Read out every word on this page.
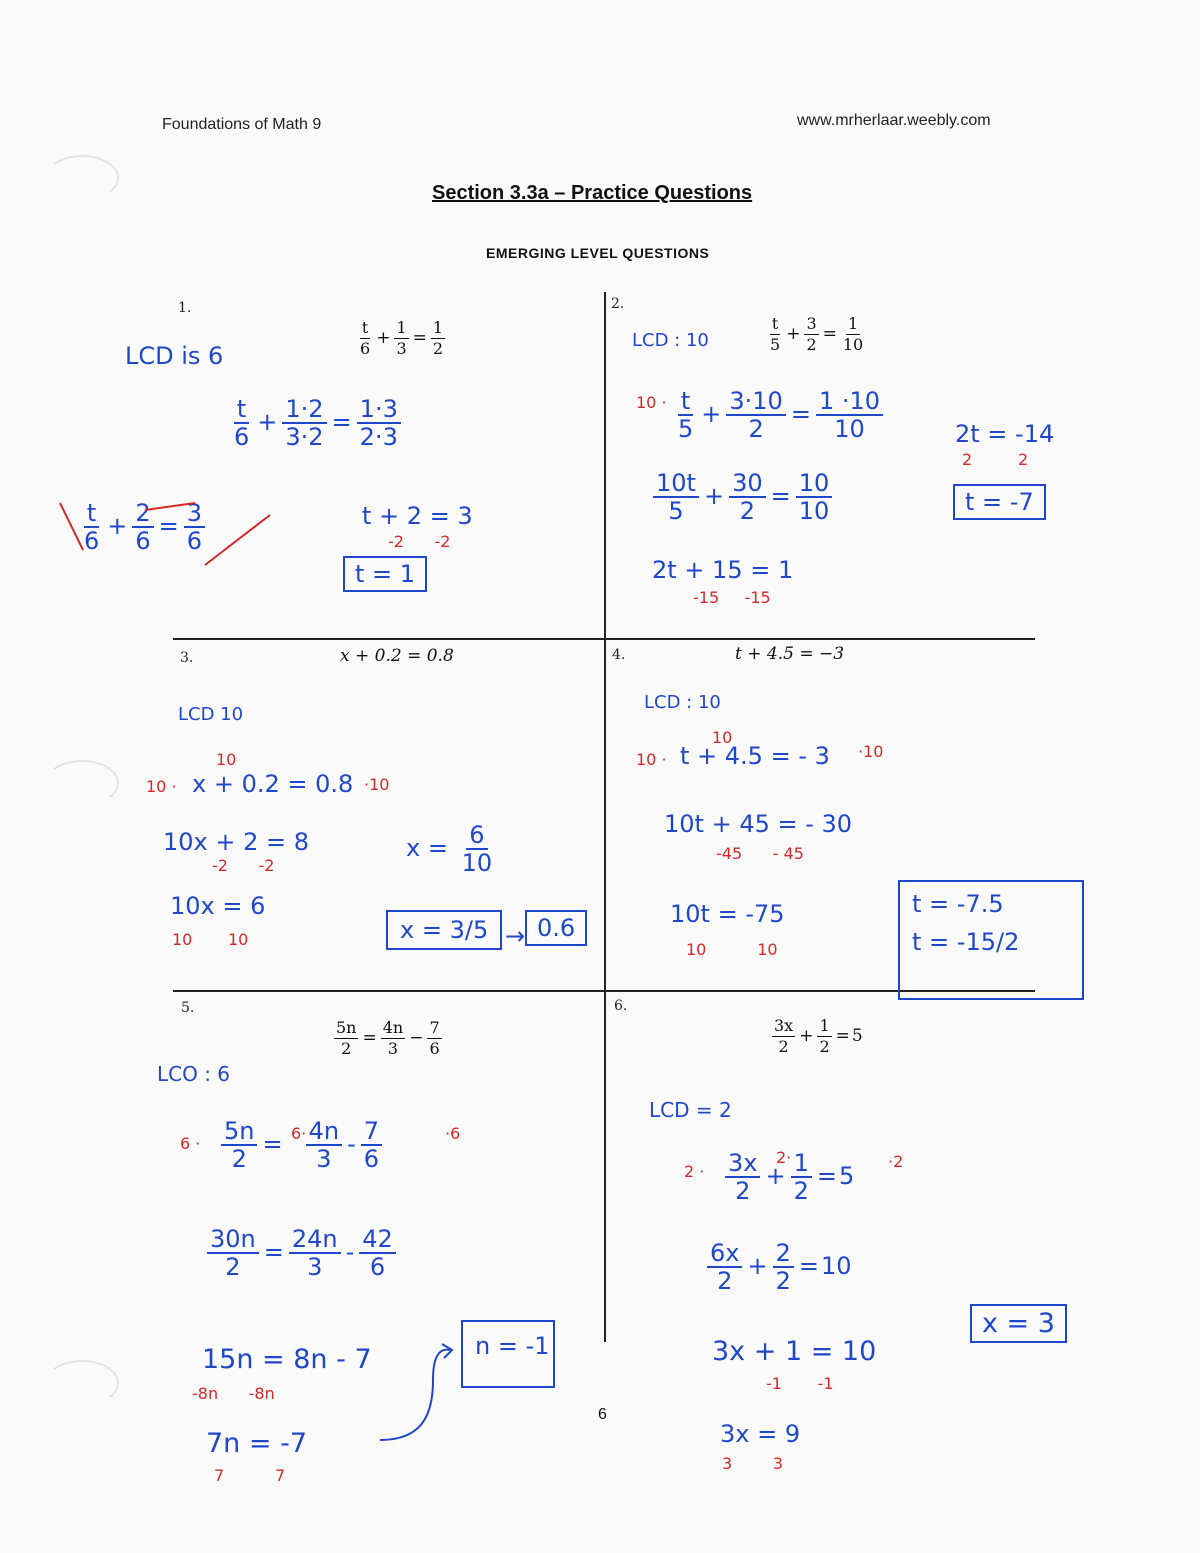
Foundations of Math 9	www.mrherlaar.weebly.com
Section 3.3a – Practice Questions
EMERGING LEVEL QUESTIONS
1.
$\frac{t}{6} + \frac{1}{3} = \frac{1}{2}$
LCD is 6
$\frac{t}{6} + \frac{1\cdot 2}{3\cdot 2} = \frac{1\cdot 3}{2\cdot 3}$
$\frac{t}{6} + \frac{2}{6} = \frac{3}{6}$	t + 2 = 3
-2      -2
t = 1
2.
$\frac{t}{5} + \frac{3}{2} = \frac{1}{10}$
LCD : 10
$10 \cdot \frac{t}{5} + \frac{3\cdot 10}{2} = \frac{1 \cdot 10}{10}$
$\frac{10t}{5} + \frac{30}{2} = \frac{10}{10}$
2t + 15 = 1
-15     -15
2t = -14
2         2
t = -7
3.	x + 0.2 = 0.8
LCD 10
10
10 · x + 0.2 = 0.8 ·10
10x + 2 = 8
-2      -2
10x = 6
10       10
$x = \frac{6}{10}$
x = 3/5 → 0.6
4.	t + 4.5 = −3
LCD : 10
10
10 · t + 4.5 = - 3 ·10
10t + 45 = - 30
-45      - 45
10t = -75
10          10
t = -7.5
t = -15/2
5.
$\frac{5n}{2} = \frac{4n}{3} - \frac{7}{6}$
LCO : 6
6 ·
6·
$\frac{5n}{2} = \frac{4n}{3} - \frac{7}{6}$	·6
$\frac{30n}{2} = \frac{24n}{3} - \frac{42}{6}$
15n = 8n - 7
-8n      -8n
7n = -7
7          7
n = -1
6.
$\frac{3x}{2} + \frac{1}{2} = 5$
LCD = 2
2 ·
2·
$\frac{3x}{2} + \frac{1}{2} =5$
·2
$\frac{6x}{2} + \frac{2}{2} =10$
3x + 1 = 10
-1       -1
3x = 9
3        3
x = 3
6
